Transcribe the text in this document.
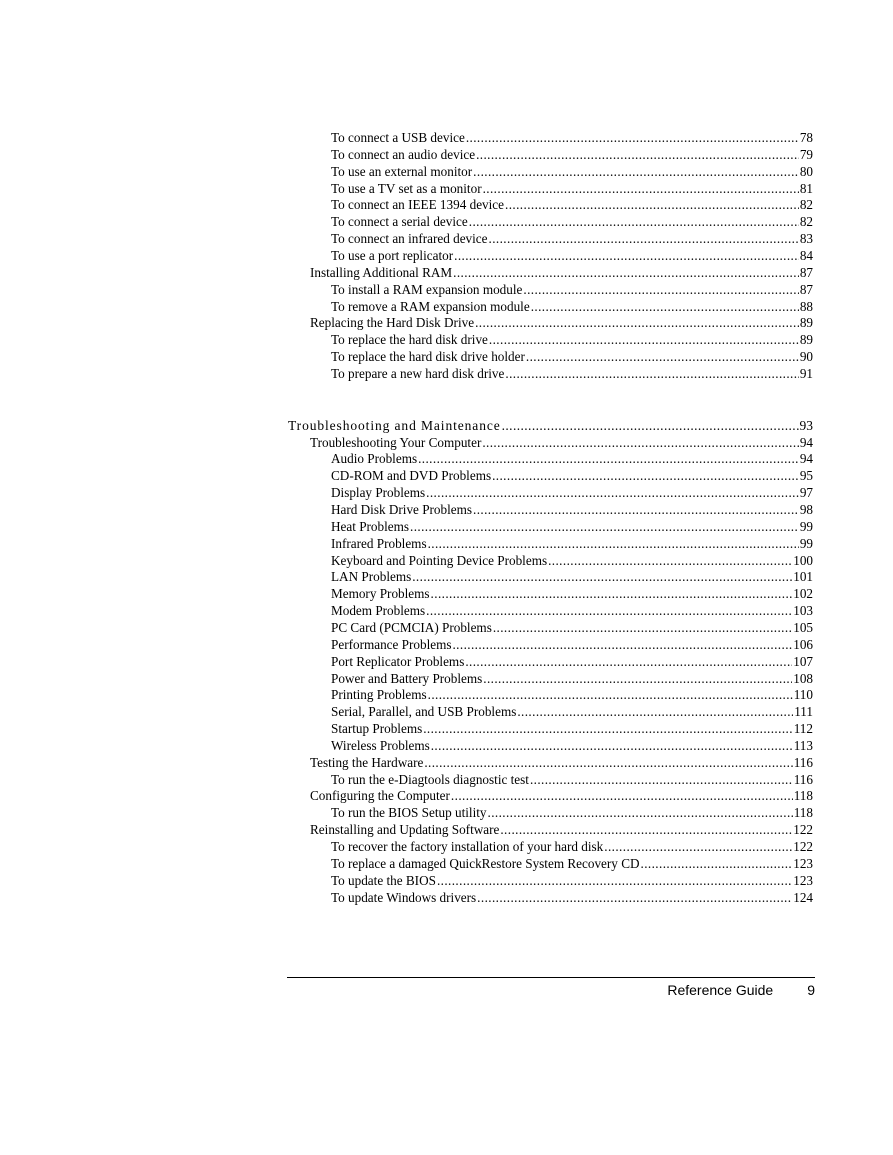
To connect a USB device .....	78
To connect an audio device .....	79
To use an external monitor .....	80
To use a TV set as a monitor .....	81
To connect an IEEE 1394 device .....	82
To connect a serial device .....	82
To connect an infrared device .....	83
To use a port replicator .....	84
Installing Additional RAM .....	87
To install a RAM expansion module .....	87
To remove a RAM expansion module .....	88
Replacing the Hard Disk Drive .....	89
To replace the hard disk drive .....	89
To replace the hard disk drive holder .....	90
To prepare a new hard disk drive .....	91
Troubleshooting and Maintenance .....	93
Troubleshooting Your Computer .....	94
Audio Problems .....	94
CD-ROM and DVD Problems .....	95
Display Problems .....	97
Hard Disk Drive Problems .....	98
Heat Problems .....	99
Infrared Problems .....	99
Keyboard and Pointing Device Problems .....	100
LAN Problems .....	101
Memory Problems .....	102
Modem Problems .....	103
PC Card (PCMCIA) Problems .....	105
Performance Problems .....	106
Port Replicator Problems .....	107
Power and Battery Problems .....	108
Printing Problems .....	110
Serial, Parallel, and USB Problems .....	111
Startup Problems .....	112
Wireless Problems .....	113
Testing the Hardware .....	116
To run the e-Diagtools diagnostic test .....	116
Configuring the Computer .....	118
To run the BIOS Setup utility .....	118
Reinstalling and Updating Software .....	122
To recover the factory installation of your hard disk .....	122
To replace a damaged QuickRestore System Recovery CD .....	123
To update the BIOS .....	123
To update Windows drivers .....	124
Reference Guide 9
